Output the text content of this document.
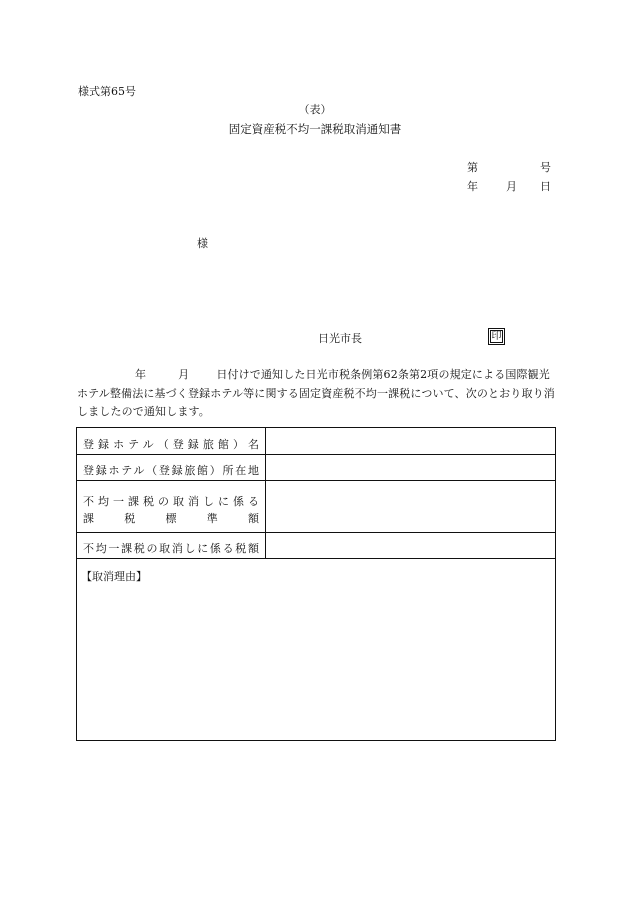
様式第65号
（表）
固定資産税不均一課税取消通知書
第	号
年	月 日
様
日光市長	印
年	月 日付けで通知した日光市税条例第62条第2項の規定による国際観光ホテル整備法に基づく登録ホテル等に関する固定資産税不均一課税について、次のとおり取り消しましたので通知します。
登録ホテル（登録旅館）名
登録ホテル（登録旅館）所在地
不均一課税の取消しに係る
課税標準額
不均一課税の取消しに係る税額
【取消理由】
